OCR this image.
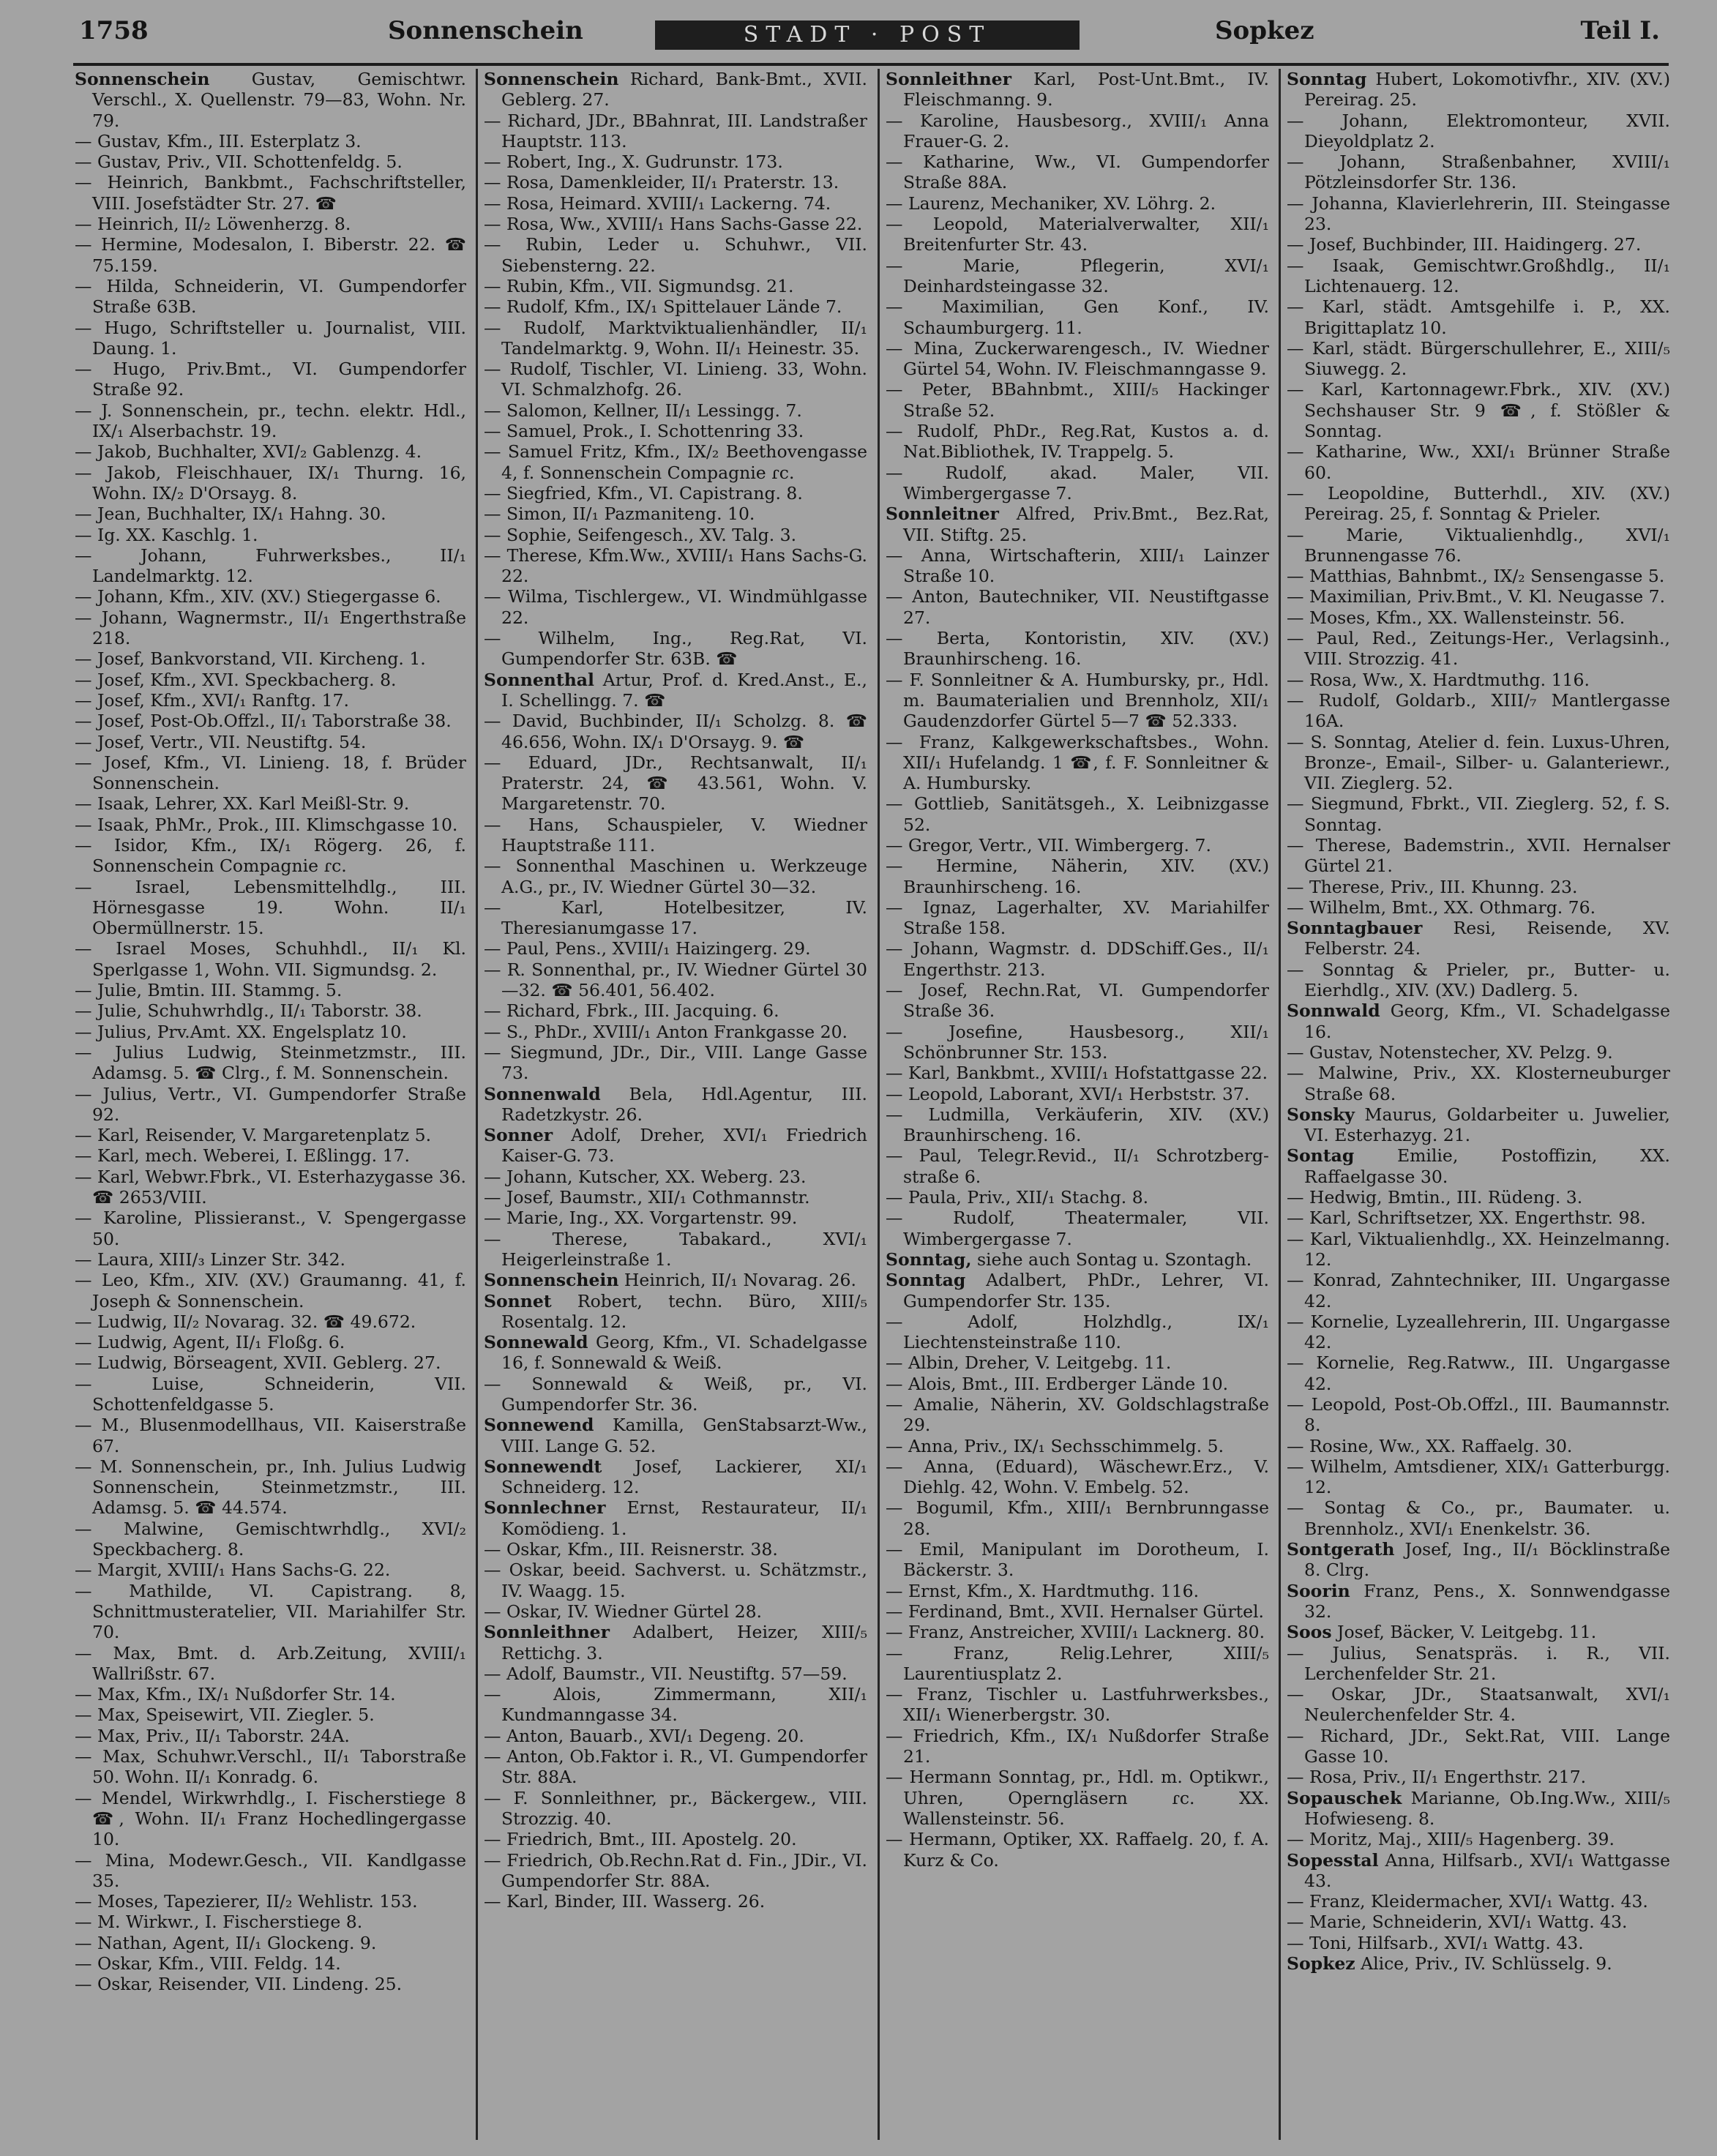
1758	Sonnenschein	STADT · POST	Sopkez	Teil I.

Sonnenschein Gustav, Gemischtwr. Verschl., X. Quellenstr. 79—83, Wohn. Nr. 79.

— Gustav, Kfm., III. Esterplatz 3.

— Gustav, Priv., VII. Schottenfeldg. 5.

— Heinrich, Bankbmt., Fachschriftsteller, VIII. Josefstädter Str. 27. ☎

— Heinrich, II/₂ Löwenherzg. 8.

— Hermine, Modesalon, I. Biberstr. 22. ☎ 75.159.

— Hilda, Schneiderin, VI. Gumpendorfer Straße 63B.

— Hugo, Schriftsteller u. Journalist, VIII. Daung. 1.

— Hugo, Priv.Bmt., VI. Gumpendorfer Straße 92.

— J. Sonnenschein, pr., techn. elektr. Hdl., IX/₁ Alserbachstr. 19.

— Jakob, Buchhalter, XVI/₂ Gablenzg. 4.

— Jakob, Fleischhauer, IX/₁ Thurng. 16, Wohn. IX/₂ D'Orsayg. 8.

— Jean, Buchhalter, IX/₁ Hahng. 30.

— Ig. XX. Kaschlg. 1.

— Johann, Fuhrwerksbes., II/₁ Landelmarktg. 12.

— Johann, Kfm., XIV. (XV.) Stiegergasse 6.

— Johann, Wagnermstr., II/₁ Engerthstraße 218.

— Josef, Bankvorstand, VII. Kircheng. 1.

— Josef, Kfm., XVI. Speckbacherg. 8.

— Josef, Kfm., XVI/₁ Ranftg. 17.

— Josef, Post-Ob.Offzl., II/₁ Taborstraße 38.

— Josef, Vertr., VII. Neustiftg. 54.

— Josef, Kfm., VI. Linieng. 18, f. Brüder Sonnenschein.

— Isaak, Lehrer, XX. Karl Meißl-Str. 9.

— Isaak, PhMr., Prok., III. Klimschgasse 10.

— Isidor, Kfm., IX/₁ Rögerg. 26, f. Sonnenschein Compagnie ɾc.

— Israel, Lebensmittelhdlg., III. Hörnesgasse 19. Wohn. II/₁ Obermüllnerstr. 15.

— Israel Moses, Schuhhdl., II/₁ Kl. Sperlgasse 1, Wohn. VII. Sigmundsg. 2.

— Julie, Bmtin. III. Stammg. 5.

— Julie, Schuhwrhdlg., II/₁ Taborstr. 38.

— Julius, Prv.Amt. XX. Engelsplatz 10.

— Julius Ludwig, Steinmetzmstr., III. Adamsg. 5. ☎ Clrg., f. M. Sonnenschein.

— Julius, Vertr., VI. Gumpendorfer Straße 92.

— Karl, Reisender, V. Margaretenplatz 5.

— Karl, mech. Weberei, I. Eßlingg. 17.

— Karl, Webwr.Fbrk., VI. Esterhazygasse 36. ☎ 2653/VIII.

— Karoline, Plissieranst., V. Spengergasse 50.

— Laura, XIII/₃ Linzer Str. 342.

— Leo, Kfm., XIV. (XV.) Graumanng. 41, f. Joseph & Sonnenschein.

— Ludwig, II/₂ Novarag. 32. ☎ 49.672.

— Ludwig, Agent, II/₁ Floßg. 6.

— Ludwig, Börseagent, XVII. Geblerg. 27.

— Luise, Schneiderin, VII. Schottenfeldgasse 5.

— M., Blusenmodellhaus, VII. Kaiserstraße 67.

— M. Sonnenschein, pr., Inh. Julius Ludwig Sonnenschein, Steinmetzmstr., III. Adamsg. 5. ☎ 44.574.

— Malwine, Gemischtwrhdlg., XVI/₂ Speckbacherg. 8.

— Margit, XVIII/₁ Hans Sachs-G. 22.

— Mathilde, VI. Capistrang. 8, Schnittmusteratelier, VII. Mariahilfer Str. 70.

— Max, Bmt. d. Arb.Zeitung, XVIII/₁ Wallrißstr. 67.

— Max, Kfm., IX/₁ Nußdorfer Str. 14.

— Max, Speisewirt, VII. Ziegler. 5.

— Max, Priv., II/₁ Taborstr. 24A.

— Max, Schuhwr.Verschl., II/₁ Taborstraße 50. Wohn. II/₁ Konradg. 6.

— Mendel, Wirkwrhdlg., I. Fischerstiege 8 ☎, Wohn. II/₁ Franz Hochedlingergasse 10.

— Mina, Modewr.Gesch., VII. Kandlgasse 35.

— Moses, Tapezierer, II/₂ Wehlistr. 153.

— M. Wirkwr., I. Fischerstiege 8.

— Nathan, Agent, II/₁ Glockeng. 9.

— Oskar, Kfm., VIII. Feldg. 14.

— Oskar, Reisender, VII. Lindeng. 25.

Sonnenschein Richard, Bank-Bmt., XVII. Geblerg. 27.

— Richard, JDr., BBahnrat, III. Landstraßer Hauptstr. 113.

— Robert, Ing., X. Gudrunstr. 173.

— Rosa, Damenkleider, II/₁ Praterstr. 13.

— Rosa, Heimard. XVIII/₁ Lackerng. 74.

— Rosa, Ww., XVIII/₁ Hans Sachs-Gasse 22.

— Rubin, Leder u. Schuhwr., VII. Siebensterng. 22.

— Rubin, Kfm., VII. Sigmundsg. 21.

— Rudolf, Kfm., IX/₁ Spittelauer Lände 7.

— Rudolf, Marktviktualienhändler, II/₁ Tandelmarktg. 9, Wohn. II/₁ Heinestr. 35.

— Rudolf, Tischler, VI. Linieng. 33, Wohn. VI. Schmalzhofg. 26.

— Salomon, Kellner, II/₁ Lessingg. 7.

— Samuel, Prok., I. Schottenring 33.

— Samuel Fritz, Kfm., IX/₂ Beethovengasse 4, f. Sonnenschein Compagnie ɾc.

— Siegfried, Kfm., VI. Capistrang. 8.

— Simon, II/₁ Pazmaniteng. 10.

— Sophie, Seifengesch., XV. Talg. 3.

— Therese, Kfm.Ww., XVIII/₁ Hans Sachs-G. 22.

— Wilma, Tischlergew., VI. Windmühlgasse 22.

— Wilhelm, Ing., Reg.Rat, VI. Gumpendorfer Str. 63B. ☎

Sonnenthal Artur, Prof. d. Kred.Anst., E., I. Schellingg. 7. ☎

— David, Buchbinder, II/₁ Scholzg. 8. ☎ 46.656, Wohn. IX/₁ D'Orsayg. 9. ☎

— Eduard, JDr., Rechtsanwalt, II/₁ Praterstr. 24, ☎ 43.561, Wohn. V. Margaretenstr. 70.

— Hans, Schauspieler, V. Wiedner Hauptstraße 111.

— Sonnenthal Maschinen u. Werkzeuge A.G., pr., IV. Wiedner Gürtel 30—32.

— Karl, Hotelbesitzer, IV. Theresianumgasse 17.

— Paul, Pens., XVIII/₁ Haizingerg. 29.

— R. Sonnenthal, pr., IV. Wiedner Gürtel 30—32. ☎ 56.401, 56.402.

— Richard, Fbrk., III. Jacquing. 6.

— S., PhDr., XVIII/₁ Anton Frankgasse 20.

— Siegmund, JDr., Dir., VIII. Lange Gasse 73.

Sonnenwald Bela, Hdl.Agentur, III. Radetzkystr. 26.

Sonner Adolf, Dreher, XVI/₁ Friedrich Kaiser-G. 73.

— Johann, Kutscher, XX. Weberg. 23.

— Josef, Baumstr., XII/₁ Cothmannstr.

— Marie, Ing., XX. Vorgartenstr. 99.

— Therese, Tabakard., XVI/₁ Heigerleinstraße 1.

Sonnenschein Heinrich, II/₁ Novarag. 26.

Sonnet Robert, techn. Büro, XIII/₅ Rosentalg. 12.

Sonnewald Georg, Kfm., VI. Schadelgasse 16, f. Sonnewald & Weiß.

— Sonnewald & Weiß, pr., VI. Gumpendorfer Str. 36.

Sonnewend Kamilla, GenStabsarzt-Ww., VIII. Lange G. 52.

Sonnewendt Josef, Lackierer, XI/₁ Schneiderg. 12.

Sonnlechner Ernst, Restaurateur, II/₁ Komödieng. 1.

— Oskar, Kfm., III. Reisnerstr. 38.

— Oskar, beeid. Sachverst. u. Schätzmstr., IV. Waagg. 15.

— Oskar, IV. Wiedner Gürtel 28.

Sonnleithner Adalbert, Heizer, XIII/₅ Rettichg. 3.

— Adolf, Baumstr., VII. Neustiftg. 57—59.

— Alois, Zimmermann, XII/₁ Kundmanngasse 34.

— Anton, Bauarb., XVI/₁ Degeng. 20.

— Anton, Ob.Faktor i. R., VI. Gumpendorfer Str. 88A.

— F. Sonnleithner, pr., Bäckergew., VIII. Strozzig. 40.

— Friedrich, Bmt., III. Apostelg. 20.

— Friedrich, Ob.Rechn.Rat d. Fin., JDir., VI. Gumpendorfer Str. 88A.

— Karl, Binder, III. Wasserg. 26.

Sonnleithner Karl, Post-Unt.Bmt., IV. Fleischmanng. 9.

— Karoline, Hausbesorg., XVIII/₁ Anna Frauer-G. 2.

— Katharine, Ww., VI. Gumpendorfer Straße 88A.

— Laurenz, Mechaniker, XV. Löhrg. 2.

— Leopold, Materialverwalter, XII/₁ Breitenfurter Str. 43.

— Marie, Pflegerin, XVI/₁ Deinhardsteingasse 32.

— Maximilian, Gen Konf., IV. Schaumburgerg. 11.

— Mina, Zuckerwarengesch., IV. Wiedner Gürtel 54, Wohn. IV. Fleischmanngasse 9.

— Peter, BBahnbmt., XIII/₅ Hackinger Straße 52.

— Rudolf, PhDr., Reg.Rat, Kustos a. d. Nat.Bibliothek, IV. Trappelg. 5.

— Rudolf, akad. Maler, VII. Wimbergergasse 7.

Sonnleitner Alfred, Priv.Bmt., Bez.Rat, VII. Stiftg. 25.

— Anna, Wirtschafterin, XIII/₁ Lainzer Straße 10.

— Anton, Bautechniker, VII. Neustiftgasse 27.

— Berta, Kontoristin, XIV. (XV.) Braunhirscheng. 16.

— F. Sonnleitner & A. Humbursky, pr., Hdl. m. Baumaterialien und Brennholz, XII/₁ Gaudenzdorfer Gürtel 5—7 ☎ 52.333.

— Franz, Kalkgewerkschaftsbes., Wohn. XII/₁ Hufelandg. 1 ☎, f. F. Sonnleitner & A. Humbursky.

— Gottlieb, Sanitätsgeh., X. Leibnizgasse 52.

— Gregor, Vertr., VII. Wimbergerg. 7.

— Hermine, Näherin, XIV. (XV.) Braunhirscheng. 16.

— Ignaz, Lagerhalter, XV. Mariahilfer Straße 158.

— Johann, Wagmstr. d. DDSchiff.Ges., II/₁ Engerthstr. 213.

— Josef, Rechn.Rat, VI. Gumpendorfer Straße 36.

— Josefine, Hausbesorg., XII/₁ Schönbrunner Str. 153.

— Karl, Bankbmt., XVIII/₁ Hofstattgasse 22.

— Leopold, Laborant, XVI/₁ Herbststr. 37.

— Ludmilla, Verkäuferin, XIV. (XV.) Braunhirscheng. 16.

— Paul, Telegr.Revid., II/₁ Schrotzberg-straße 6.

— Paula, Priv., XII/₁ Stachg. 8.

— Rudolf, Theatermaler, VII. Wimbergergasse 7.

Sonntag, siehe auch Sontag u. Szontagh.

Sonntag Adalbert, PhDr., Lehrer, VI. Gumpendorfer Str. 135.

— Adolf, Holzhdlg., IX/₁ Liechtensteinstraße 110.

— Albin, Dreher, V. Leitgebg. 11.

— Alois, Bmt., III. Erdberger Lände 10.

— Amalie, Näherin, XV. Goldschlagstraße 29.

— Anna, Priv., IX/₁ Sechsschimmelg. 5.

— Anna, (Eduard), Wäschewr.Erz., V. Diehlg. 42, Wohn. V. Embelg. 52.

— Bogumil, Kfm., XIII/₁ Bernbrunngasse 28.

— Emil, Manipulant im Dorotheum, I. Bäckerstr. 3.

— Ernst, Kfm., X. Hardtmuthg. 116.

— Ferdinand, Bmt., XVII. Hernalser Gürtel.

— Franz, Anstreicher, XVIII/₁ Lacknerg. 80.

— Franz, Relig.Lehrer, XIII/₅ Laurentiusplatz 2.

— Franz, Tischler u. Lastfuhrwerksbes., XII/₁ Wienerbergstr. 30.

— Friedrich, Kfm., IX/₁ Nußdorfer Straße 21.

— Hermann Sonntag, pr., Hdl. m. Optikwr., Uhren, Operngläsern ɾc. XX. Wallensteinstr. 56.

— Hermann, Optiker, XX. Raffaelg. 20, f. A. Kurz & Co.

Sonntag Hubert, Lokomotivfhr., XIV. (XV.) Pereirag. 25.

— Johann, Elektromonteur, XVII. Dieyoldplatz 2.

— Johann, Straßenbahner, XVIII/₁ Pötzleinsdorfer Str. 136.

— Johanna, Klavierlehrerin, III. Steingasse 23.

— Josef, Buchbinder, III. Haidingerg. 27.

— Isaak, Gemischtwr.Großhdlg., II/₁ Lichtenauerg. 12.

— Karl, städt. Amtsgehilfe i. P., XX. Brigittaplatz 10.

— Karl, städt. Bürgerschullehrer, E., XIII/₅ Siuwegg. 2.

— Karl, Kartonnagewr.Fbrk., XIV. (XV.) Sechshauser Str. 9 ☎, f. Stößler & Sonntag.

— Katharine, Ww., XXI/₁ Brünner Straße 60.

— Leopoldine, Butterhdl., XIV. (XV.) Pereirag. 25, f. Sonntag & Prieler.

— Marie, Viktualienhdlg., XVI/₁ Brunnengasse 76.

— Matthias, Bahnbmt., IX/₂ Sensengasse 5.

— Maximilian, Priv.Bmt., V. Kl. Neugasse 7.

— Moses, Kfm., XX. Wallensteinstr. 56.

— Paul, Red., Zeitungs-Her., Verlagsinh., VIII. Strozzig. 41.

— Rosa, Ww., X. Hardtmuthg. 116.

— Rudolf, Goldarb., XIII/₇ Mantlergasse 16A.

— S. Sonntag, Atelier d. fein. Luxus-Uhren, Bronze-, Email-, Silber- u. Galanteriewr., VII. Zieglerg. 52.

— Siegmund, Fbrkt., VII. Zieglerg. 52, f. S. Sonntag.

— Therese, Bademstrin., XVII. Hernalser Gürtel 21.

— Therese, Priv., III. Khunng. 23.

— Wilhelm, Bmt., XX. Othmarg. 76.

Sonntagbauer Resi, Reisende, XV. Felberstr. 24.

— Sonntag & Prieler, pr., Butter- u. Eierhdlg., XIV. (XV.) Dadlerg. 5.

Sonnwald Georg, Kfm., VI. Schadelgasse 16.

— Gustav, Notenstecher, XV. Pelzg. 9.

— Malwine, Priv., XX. Klosterneuburger Straße 68.

Sonsky Maurus, Goldarbeiter u. Juwelier, VI. Esterhazyg. 21.

Sontag Emilie, Postoffizin, XX. Raffaelgasse 30.

— Hedwig, Bmtin., III. Rüdeng. 3.

— Karl, Schriftsetzer, XX. Engerthstr. 98.

— Karl, Viktualienhdlg., XX. Heinzelmanng. 12.

— Konrad, Zahntechniker, III. Ungargasse 42.

— Kornelie, Lyzeallehrerin, III. Ungargasse 42.

— Kornelie, Reg.Ratww., III. Ungargasse 42.

— Leopold, Post-Ob.Offzl., III. Baumannstr. 8.

— Rosine, Ww., XX. Raffaelg. 30.

— Wilhelm, Amtsdiener, XIX/₁ Gatterburgg. 12.

— Sontag & Co., pr., Baumater. u. Brennholz., XVI/₁ Enenkelstr. 36.

Sontgerath Josef, Ing., II/₁ Böcklinstraße 8. Clrg.

Soorin Franz, Pens., X. Sonnwendgasse 32.

Soos Josef, Bäcker, V. Leitgebg. 11.

— Julius, Senatspräs. i. R., VII. Lerchenfelder Str. 21.

— Oskar, JDr., Staatsanwalt, XVI/₁ Neulerchenfelder Str. 4.

— Richard, JDr., Sekt.Rat, VIII. Lange Gasse 10.

— Rosa, Priv., II/₁ Engerthstr. 217.

Sopauschek Marianne, Ob.Ing.Ww., XIII/₅ Hofwieseng. 8.

— Moritz, Maj., XIII/₅ Hagenberg. 39.

Sopesstal Anna, Hilfsarb., XVI/₁ Wattgasse 43.

— Franz, Kleidermacher, XVI/₁ Wattg. 43.

— Marie, Schneiderin, XVI/₁ Wattg. 43.

— Toni, Hilfsarb., XVI/₁ Wattg. 43.

Sopkez Alice, Priv., IV. Schlüsselg. 9.
